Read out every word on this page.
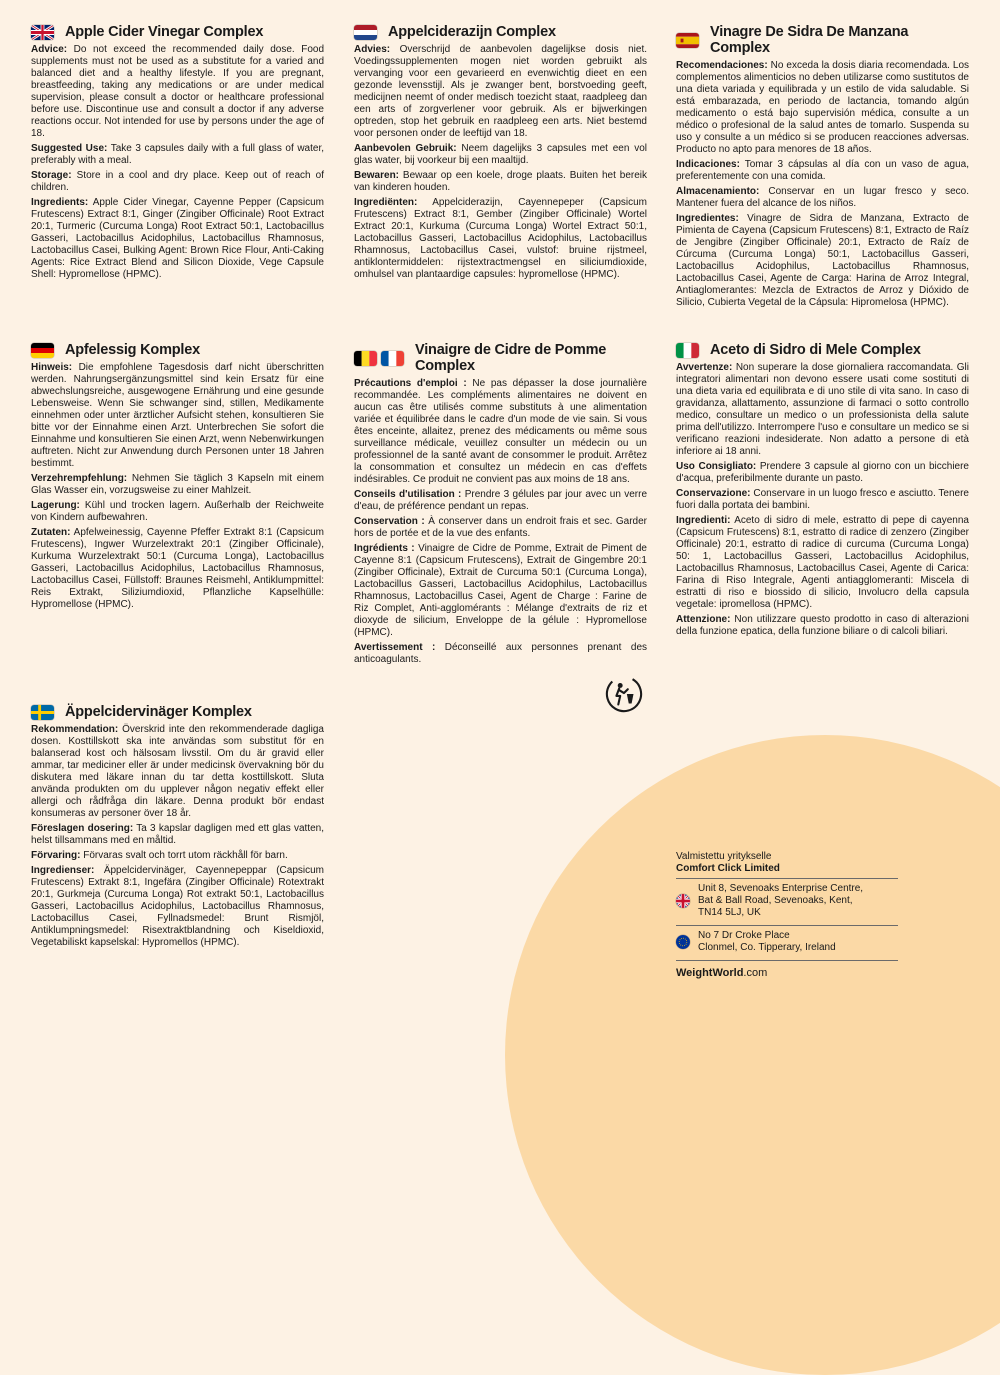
Apple Cider Vinegar Complex

Advice: Do not exceed the recommended daily dose. Food supplements must not be used as a substitute for a varied and balanced diet and a healthy lifestyle. If you are pregnant, breastfeeding, taking any medications or are under medical supervision, please consult a doctor or healthcare professional before use. Discontinue use and consult a doctor if any adverse reactions occur. Not intended for use by persons under the age of 18.

Suggested Use: Take 3 capsules daily with a full glass of water, preferably with a meal.

Storage: Store in a cool and dry place. Keep out of reach of children.

Ingredients: Apple Cider Vinegar, Cayenne Pepper (Capsicum Frutescens) Extract 8:1, Ginger (Zingiber Officinale) Root Extract 20:1, Turmeric (Curcuma Longa) Root Extract 50:1, Lactobacillus Gasseri, Lactobacillus Acidophilus, Lactobacillus Rhamnosus, Lactobacillus Casei, Bulking Agent: Brown Rice Flour, Anti-Caking Agents: Rice Extract Blend and Silicon Dioxide, Vege Capsule Shell: Hypromellose (HPMC).

Appelciderazijn Complex

Advies: Overschrijd de aanbevolen dagelijkse dosis niet. Voedingssupplementen mogen niet worden gebruikt als vervanging voor een gevarieerd en evenwichtig dieet en een gezonde levensstijl. Als je zwanger bent, borstvoeding geeft, medicijnen neemt of onder medisch toezicht staat, raadpleeg dan een arts of zorgverlener voor gebruik. Als er bijwerkingen optreden, stop het gebruik en raadpleeg een arts. Niet bestemd voor personen onder de leeftijd van 18.

Aanbevolen Gebruik: Neem dagelijks 3 capsules met een vol glas water, bij voorkeur bij een maaltijd.

Bewaren: Bewaar op een koele, droge plaats. Buiten het bereik van kinderen houden.

Ingrediënten: Appelciderazijn, Cayennepeper (Capsicum Frutescens) Extract 8:1, Gember (Zingiber Officinale) Wortel Extract 20:1, Kurkuma (Curcuma Longa) Wortel Extract 50:1, Lactobacillus Gasseri, Lactobacillus Acidophilus, Lactobacillus Rhamnosus, Lactobacillus Casei, vulstof: bruine rijstmeel, antiklontermiddelen: rijstextractmengsel en siliciumdioxide, omhulsel van plantaardige capsules: hypromellose (HPMC).

Vinagre De Sidra De Manzana Complex

Recomendaciones: No exceda la dosis diaria recomendada. Los complementos alimenticios no deben utilizarse como sustitutos de una dieta variada y equilibrada y un estilo de vida saludable. Si está embarazada, en periodo de lactancia, tomando algún medicamento o está bajo supervisión médica, consulte a un médico o profesional de la salud antes de tomarlo. Suspenda su uso y consulte a un médico si se producen reacciones adversas. Producto no apto para menores de 18 años.

Indicaciones: Tomar 3 cápsulas al día con un vaso de agua, preferentemente con una comida.

Almacenamiento: Conservar en un lugar fresco y seco. Mantener fuera del alcance de los niños.

Ingredientes: Vinagre de Sidra de Manzana, Extracto de Pimienta de Cayena (Capsicum Frutescens) 8:1, Extracto de Raíz de Jengibre (Zingiber Officinale) 20:1, Extracto de Raíz de Cúrcuma (Curcuma Longa) 50:1, Lactobacillus Gasseri, Lactobacillus Acidophilus, Lactobacillus Rhamnosus, Lactobacillus Casei, Agente de Carga: Harina de Arroz Integral, Antiaglomerantes: Mezcla de Extractos de Arroz y Dióxido de Silicio, Cubierta Vegetal de la Cápsula: Hipromelosa (HPMC).

Apfelessig Komplex

Hinweis: Die empfohlene Tagesdosis darf nicht überschritten werden. Nahrungsergänzungsmittel sind kein Ersatz für eine abwechslungsreiche, ausgewogene Ernährung und eine gesunde Lebensweise. Wenn Sie schwanger sind, stillen, Medikamente einnehmen oder unter ärztlicher Aufsicht stehen, konsultieren Sie bitte vor der Einnahme einen Arzt. Unterbrechen Sie sofort die Einnahme und konsultieren Sie einen Arzt, wenn Nebenwirkungen auftreten. Nicht zur Anwendung durch Personen unter 18 Jahren bestimmt.

Verzehrempfehlung: Nehmen Sie täglich 3 Kapseln mit einem Glas Wasser ein, vorzugsweise zu einer Mahlzeit.

Lagerung: Kühl und trocken lagern. Außerhalb der Reichweite von Kindern aufbewahren.

Zutaten: Apfelweinessig, Cayenne Pfeffer Extrakt 8:1 (Capsicum Frutescens), Ingwer Wurzelextrakt 20:1 (Zingiber Officinale), Kurkuma Wurzelextrakt 50:1 (Curcuma Longa), Lactobacillus Gasseri, Lactobacillus Acidophilus, Lactobacillus Rhamnosus, Lactobacillus Casei, Füllstoff: Braunes Reismehl, Antiklumpmittel: Reis Extrakt, Siliziumdioxid, Pflanzliche Kapselhülle: Hypromellose (HPMC).

Vinaigre de Cidre de Pomme Complex

Précautions d'emploi : Ne pas dépasser la dose journalière recommandée. Les compléments alimentaires ne doivent en aucun cas être utilisés comme substituts à une alimentation variée et équilibrée dans le cadre d'un mode de vie sain. Si vous êtes enceinte, allaitez, prenez des médicaments ou même sous surveillance médicale, veuillez consulter un médecin ou un professionnel de la santé avant de consommer le produit. Arrêtez la consommation et consultez un médecin en cas d'effets indésirables. Ce produit ne convient pas aux moins de 18 ans.

Conseils d'utilisation : Prendre 3 gélules par jour avec un verre d'eau, de préférence pendant un repas.

Conservation : À conserver dans un endroit frais et sec. Garder hors de portée et de la vue des enfants.

Ingrédients : Vinaigre de Cidre de Pomme, Extrait de Piment de Cayenne 8:1 (Capsicum Frutescens), Extrait de Gingembre 20:1 (Zingiber Officinale), Extrait de Curcuma 50:1 (Curcuma Longa), Lactobacillus Gasseri, Lactobacillus Acidophilus, Lactobacillus Rhamnosus, Lactobacillus Casei, Agent de Charge : Farine de Riz Complet, Anti-agglomérants : Mélange d'extraits de riz et dioxyde de silicium, Enveloppe de la gélule : Hypromellose (HPMC).

Avertissement : Déconseillé aux personnes prenant des anticoagulants.

Aceto di Sidro di Mele Complex

Avvertenze: Non superare la dose giornaliera raccomandata. Gli integratori alimentari non devono essere usati come sostituti di una dieta varia ed equilibrata e di uno stile di vita sano. In caso di gravidanza, allattamento, assunzione di farmaci o sotto controllo medico, consultare un medico o un professionista della salute prima dell'utilizzo. Interrompere l'uso e consultare un medico se si verificano reazioni indesiderate. Non adatto a persone di età inferiore ai 18 anni.

Uso Consigliato: Prendere 3 capsule al giorno con un bicchiere d'acqua, preferibilmente durante un pasto.

Conservazione: Conservare in un luogo fresco e asciutto. Tenere fuori dalla portata dei bambini.

Ingredienti: Aceto di sidro di mele, estratto di pepe di cayenna (Capsicum Frutescens) 8:1, estratto di radice di zenzero (Zingiber Officinale) 20:1, estratto di radice di curcuma (Curcuma Longa) 50: 1, Lactobacillus Gasseri, Lactobacillus Acidophilus, Lactobacillus Rhamnosus, Lactobacillus Casei, Agente di Carica: Farina di Riso Integrale, Agenti antiagglomeranti: Miscela di estratti di riso e biossido di silicio, Involucro della capsula vegetale: ipromellosa (HPMC).

Attenzione: Non utilizzare questo prodotto in caso di alterazioni della funzione epatica, della funzione biliare o di calcoli biliari.

Äppelcidervinäger Komplex

Rekommendation: Överskrid inte den rekommenderade dagliga dosen. Kosttillskott ska inte användas som substitut för en balanserad kost och hälsosam livsstil. Om du är gravid eller ammar, tar mediciner eller är under medicinsk övervakning bör du diskutera med läkare innan du tar detta kosttillskott. Sluta använda produkten om du upplever någon negativ effekt eller allergi och rådfråga din läkare. Denna produkt bör endast konsumeras av personer över 18 år.

Föreslagen dosering: Ta 3 kapslar dagligen med ett glas vatten, helst tillsammans med en måltid.

Förvaring: Förvaras svalt och torrt utom räckhåll för barn.

Ingredienser: Äppelcidervinäger, Cayennepeppar (Capsicum Frutescens) Extrakt 8:1, Ingefära (Zingiber Officinale) Rotextrakt 20:1, Gurkmeja (Curcuma Longa) Rot extrakt 50:1, Lactobacillus Gasseri, Lactobacillus Acidophilus, Lactobacillus Rhamnosus, Lactobacillus Casei, Fyllnadsmedel: Brunt Rismjöl, Antiklumpningsmedel: Risextraktblandning och Kiseldioxid, Vegetabiliskt kapselskal: Hypromellos (HPMC).

Valmistettu yritykselle
Comfort Click Limited
Unit 8, Sevenoaks Enterprise Centre,
Bat & Ball Road, Sevenoaks, Kent,
TN14 5LJ, UK
No 7 Dr Croke Place
Clonmel, Co. Tipperary, Ireland
WeightWorld.com
